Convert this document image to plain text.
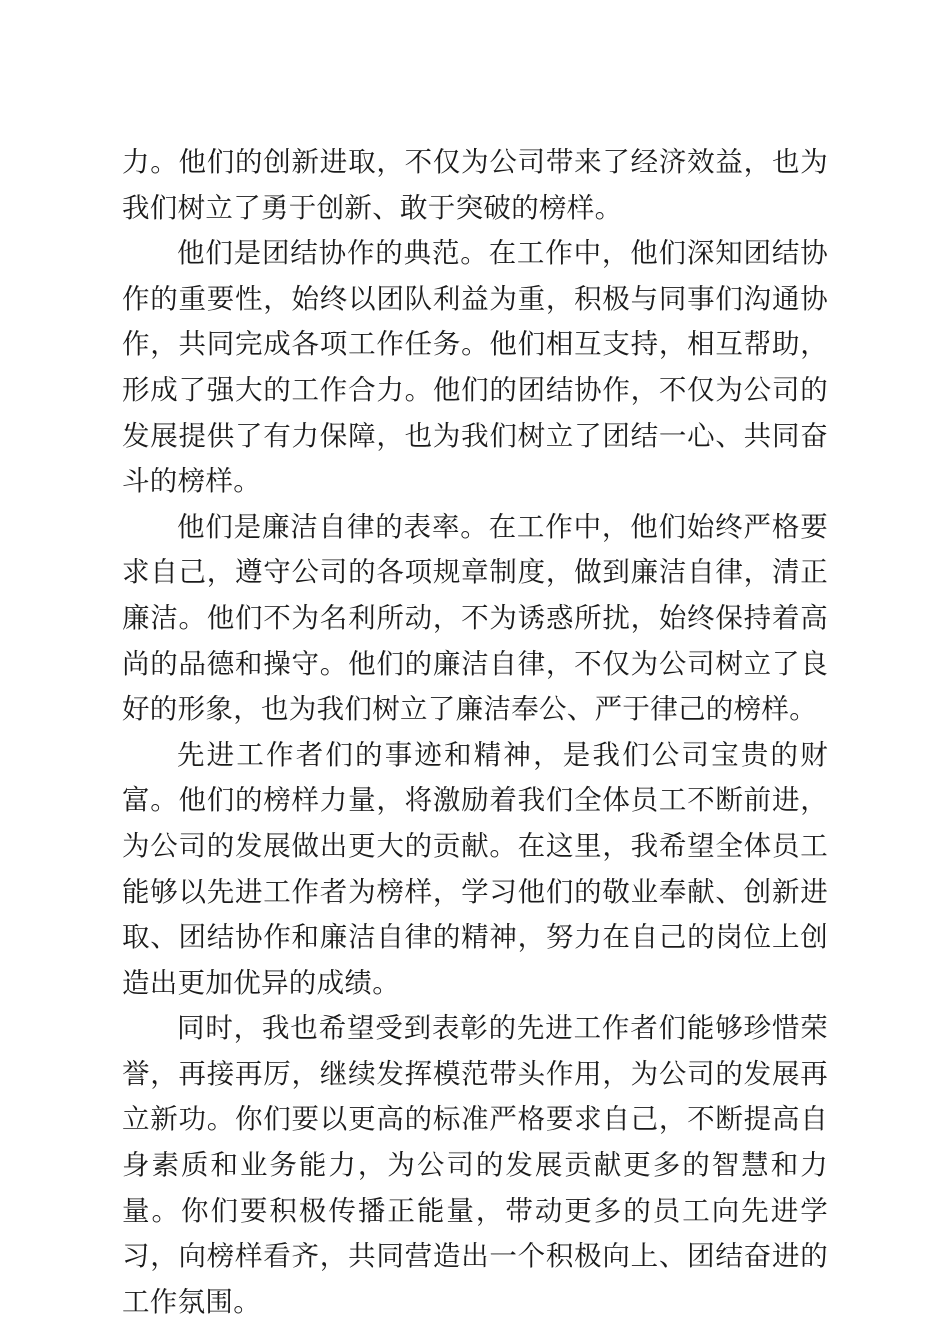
力。他们的创新进取，不仅为公司带来了经济效益，也为我们树立了勇于创新、敢于突破的榜样。

他们是团结协作的典范。在工作中，他们深知团结协作的重要性，始终以团队利益为重，积极与同事们沟通协作，共同完成各项工作任务。他们相互支持，相互帮助，形成了强大的工作合力。他们的团结协作，不仅为公司的发展提供了有力保障，也为我们树立了团结一心、共同奋斗的榜样。

他们是廉洁自律的表率。在工作中，他们始终严格要求自己，遵守公司的各项规章制度，做到廉洁自律，清正廉洁。他们不为名利所动，不为诱惑所扰，始终保持着高尚的品德和操守。他们的廉洁自律，不仅为公司树立了良好的形象，也为我们树立了廉洁奉公、严于律己的榜样。

先进工作者们的事迹和精神，是我们公司宝贵的财富。他们的榜样力量，将激励着我们全体员工不断前进，为公司的发展做出更大的贡献。在这里，我希望全体员工能够以先进工作者为榜样，学习他们的敬业奉献、创新进取、团结协作和廉洁自律的精神，努力在自己的岗位上创造出更加优异的成绩。

同时，我也希望受到表彰的先进工作者们能够珍惜荣誉，再接再厉，继续发挥模范带头作用，为公司的发展再立新功。你们要以更高的标准严格要求自己，不断提高自身素质和业务能力，为公司的发展贡献更多的智慧和力量。你们要积极传播正能量，带动更多的员工向先进学习，向榜样看齐，共同营造出一个积极向上、团结奋进的工作氛围。
